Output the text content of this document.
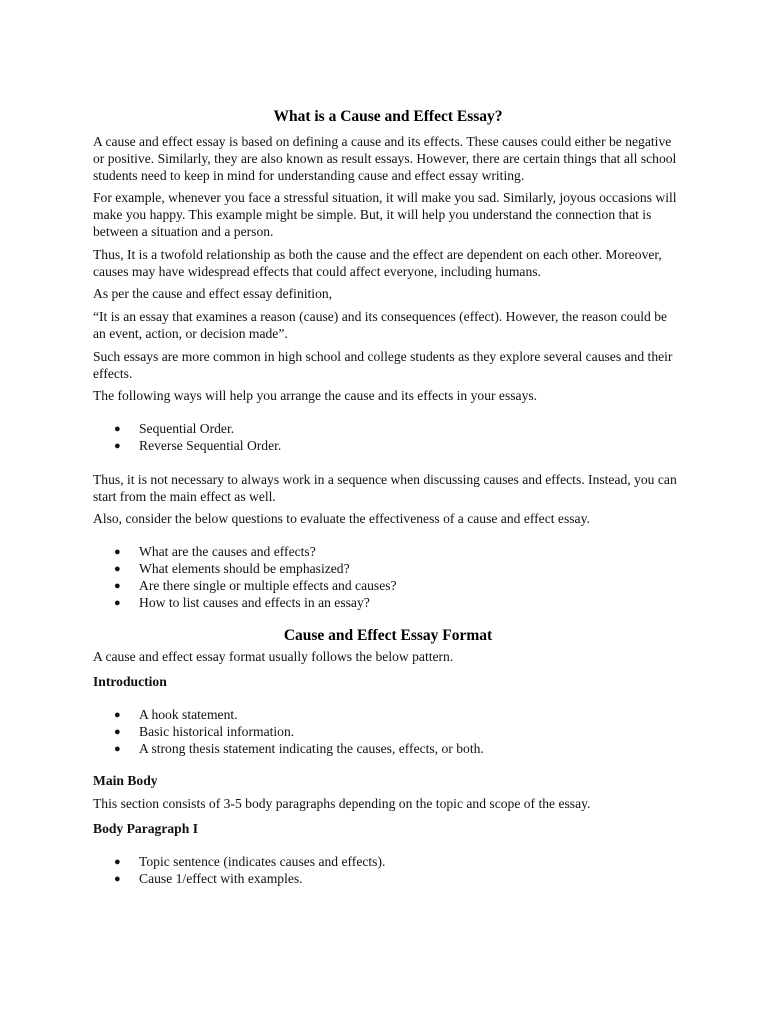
What is a Cause and Effect Essay?

A cause and effect essay is based on defining a cause and its effects. These causes could either be negative or positive. Similarly, they are also known as result essays. However, there are certain things that all school students need to keep in mind for understanding cause and effect essay writing.

For example, whenever you face a stressful situation, it will make you sad. Similarly, joyous occasions will make you happy. This example might be simple. But, it will help you understand the connection that is between a situation and a person.

Thus, It is a twofold relationship as both the cause and the effect are dependent on each other. Moreover, causes may have widespread effects that could affect everyone, including humans.

As per the cause and effect essay definition,

“It is an essay that examines a reason (cause) and its consequences (effect). However, the reason could be an event, action, or decision made”.

Such essays are more common in high school and college students as they explore several causes and their effects.

The following ways will help you arrange the cause and its effects in your essays.

● Sequential Order.
● Reverse Sequential Order.

Thus, it is not necessary to always work in a sequence when discussing causes and effects. Instead, you can start from the main effect as well.

Also, consider the below questions to evaluate the effectiveness of a cause and effect essay.

● What are the causes and effects?
● What elements should be emphasized?
● Are there single or multiple effects and causes?
● How to list causes and effects in an essay?
Cause and Effect Essay Format

A cause and effect essay format usually follows the below pattern.

Introduction
● A hook statement.
● Basic historical information.
● A strong thesis statement indicating the causes, effects, or both.
Main Body

This section consists of 3-5 body paragraphs depending on the topic and scope of the essay.

Body Paragraph I
● Topic sentence (indicates causes and effects).
● Cause 1/effect with examples.
